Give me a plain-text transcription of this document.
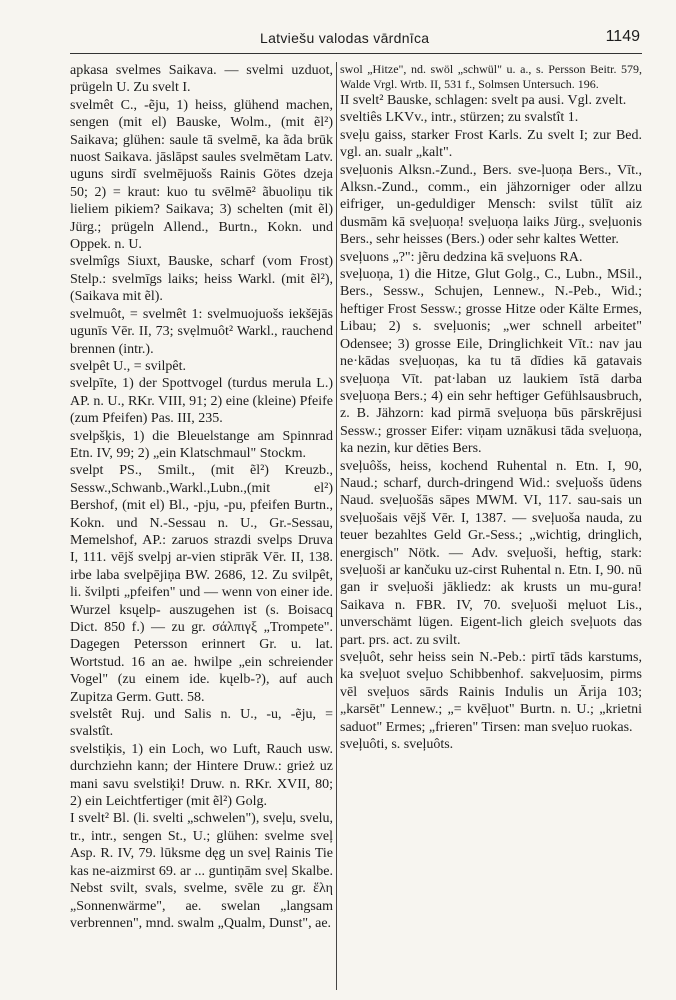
Latviešu valodas vārdnīca	1149

apkasa svelmes Saikava. — svelmi uzduot, prügeln U. Zu svelt I.

svelmêt C., -ẽju, 1) heiss, glühend machen, sengen (mit el) Bauske, Wolm., (mit ẽl²) Saikava; glühen: saule tā svelmē, ka ãda brūk nuost Saikava. jāslāpst saules svelmētam Latv. uguns sirdī svelmējuošs Rainis Götes dzeja 50; 2) = kraut: kuo tu svēlmē² ãbuoliņu tik lieliem pikiem? Saikava; 3) schelten (mit ẽl) Jürg.; prügeln Allend., Burtn., Kokn. und Oppek. n. U.

svelmîgs Siuxt, Bauske, scharf (vom Frost) Stelp.: svelmīgs laiks; heiss Warkl. (mit ẽl²), (Saikava mit ẽl).

svelmuôt, = svelmêt 1: svelmuojuošs iekšējās ugunīs Vēr. II, 73; svẹlmuôt² Warkl., rauchend brennen (intr.).

svelpêt U., = svilpêt.

svelpīte, 1) der Spottvogel (turdus merula L.) AP. n. U., RKr. VIII, 91; 2) eine (kleine) Pfeife (zum Pfeifen) Pas. III, 235.

svelpšķis, 1) die Bleuelstange am Spinnrad Etn. IV, 99; 2) „ein Klatschmaul" Stockm.

svelpt PS., Smilt., (mit ẽl²) Kreuzb., Sessw.,Schwanb.,Warkl.,Lubn.,(mit el²) Bershof, (mit el) Bl., -pju, -pu, pfeifen Burtn., Kokn. und N.-Sessau n. U., Gr.-Sessau, Memelshof, AP.: zaruos strazdi svelps Druva I, 111. vējš svelpj ar-vien stiprāk Vēr. II, 138. irbe laba svelpējiņa BW. 2686, 12. Zu svilpêt, li. švilpti „pfeifen" und — wenn von einer ide. Wurzel ksųelp- auszugehen ist (s. Boisacq Dict. 850 f.) — zu gr. σάλπιγξ „Trompete". Dagegen Petersson erinnert Gr. u. lat. Wortstud. 16 an ae. hwilpe „ein schreiender Vogel" (zu einem ide. kųelb-?), auf auch Zupitza Germ. Gutt. 58.

svelstêt Ruj. und Salis n. U., -u, -ẽju, = svalstît.

svelstiķis, 1) ein Loch, wo Luft, Rauch usw. durchziehn kann; der Hintere Druw.: grież uz mani savu svelstiķi! Druw. n. RKr. XVII, 80; 2) ein Leichtfertiger (mit ẽl²) Golg.

I svelt² Bl. (li. svelti „schwelen"), sveļu, svelu, tr., intr., sengen St., U.; glühen: svelme sveļ Asp. R. IV, 79. lūksme dęg un sveļ Rainis Tie kas ne-aizmirst 69. ar ... guntiņām sveļ Skalbe. Nebst svilt, svals, svelme, svēle zu gr. ἕλη „Sonnenwärme", ae. swelan „langsam verbrennen", mnd. swalm „Qualm, Dunst", ae.

swol „Hitze", nd. swöl „schwül" u. a., s. Persson Beitr. 579, Walde Vrgl. Wrtb. II, 531 f., Solmsen Untersuch. 196.

II svelt² Bauske, schlagen: svelt pa ausi. Vgl. zvelt.

sveltiês LKVv., intr., stürzen; zu svalstît 1.

sveļu gaiss, starker Frost Karls. Zu svelt I; zur Bed. vgl. an. sualr „kalt".

sveļuonis Alksn.-Zund., Bers. sve-ļuoņa Bers., Vīt., Alksn.-Zund., comm., ein jähzorniger oder allzu eifriger, un-geduldiger Mensch: svilst tūlīt aiz dusmām kā sveļuoņa! sveļuoņa laiks Jürg., sveļuonis Bers., sehr heisses (Bers.) oder sehr kaltes Wetter.

sveļuons „?": jẽru dedzina kā sveļuons RA.

sveļuoņa, 1) die Hitze, Glut Golg., C., Lubn., MSil., Bers., Sessw., Schujen, Lennew., N.-Peb., Wid.; heftiger Frost Sessw.; grosse Hitze oder Kälte Ermes, Libau; 2) s. sveļuonis; „wer schnell arbeitet" Odensee; 3) grosse Eile, Dringlichkeit Vīt.: nav jau ne·kādas sveļuoņas, ka tu tā dīdies kā gatavais sveļuoņa Vīt. pat·laban uz laukiem īstā darba sveļuoņa Bers.; 4) ein sehr heftiger Gefühlsausbruch, z. B. Jähzorn: kad pirmā sveļuoņa būs pārskrējusi Sessw.; grosser Eifer: viņam uznākusi tāda sveļuoņa, ka nezin, kur dēties Bers.

sveļuôšs, heiss, kochend Ruhental n. Etn. I, 90, Naud.; scharf, durch-dringend Wid.: sveļuošs ūdens Naud. sveļuošās sāpes MWM. VI, 117. sau-sais un sveļuošais vējš Vēr. I, 1387. — sveļuoša nauda, zu teuer bezahltes Geld Gr.-Sess.; „wichtig, dringlich, energisch" Nötk. — Adv. sveļuoši, heftig, stark: sveļuoši ar kančuku uz-cirst Ruhental n. Etn. I, 90. nū gan ir sveļuoši jākliedz: ak krusts un mu-gura! Saikava n. FBR. IV, 70. sveļuoši mẹluot Lis., unverschämt lügen. Eigent-lich gleich sveļuots das part. prs. act. zu svilt.

sveļuôt, sehr heiss sein N.-Peb.: pirtī tāds karstums, ka sveļuot sveļuo Schibbenhof. sakveļuosim, pirms vēl sveļuos sārds Rainis Indulis un Ārija 103; „karsēt" Lennew.; „= kvēļuot" Burtn. n. U.; „krietni saduot" Ermes; „frieren" Tirsen: man sveļuo ruokas.

sveļuôti, s. sveļuôts.
